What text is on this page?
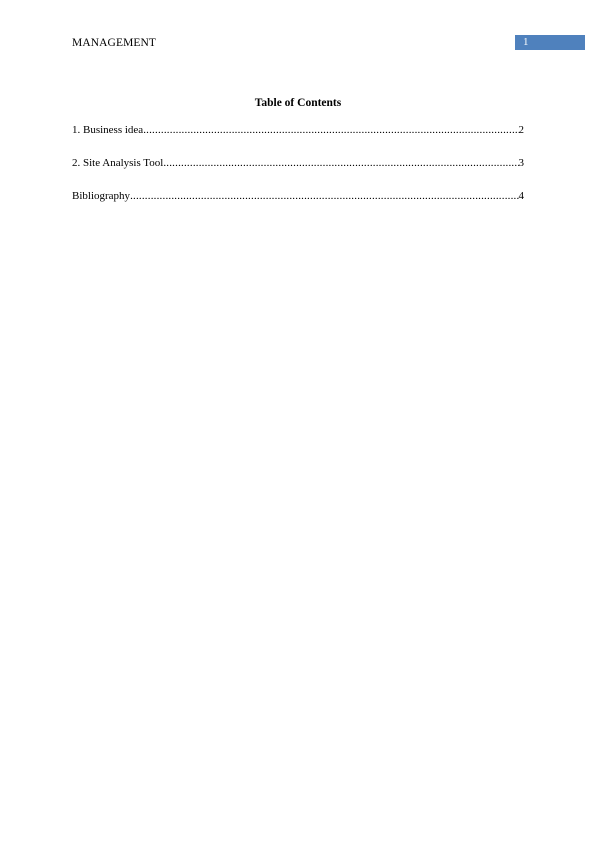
MANAGEMENT	1
Table of Contents
1. Business idea .....	2
2. Site Analysis Tool .....	3
Bibliography .....	4
